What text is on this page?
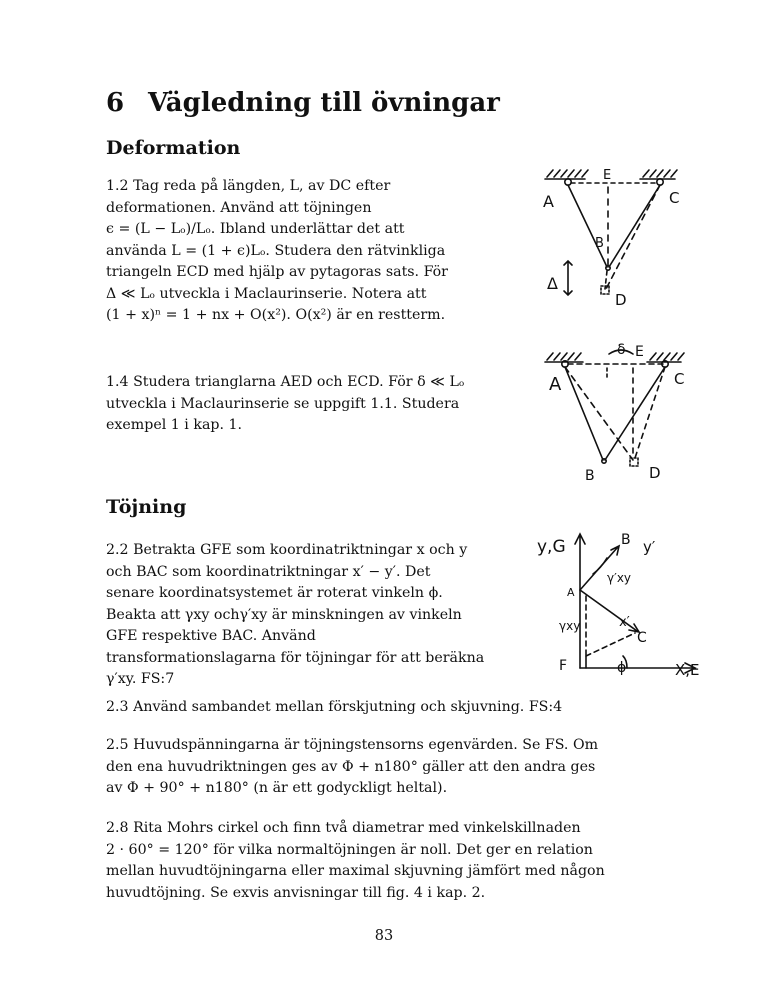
6 Vägledning till övningar
Deformation
1.2 Tag reda på längden, L, av DC efter
deformationen. Använd att töjningen
ϵ = (L − Lₒ)/Lₒ. Ibland underlättar det att
använda L = (1 + ϵ)Lₒ. Studera den rätvinkliga
triangeln ECD med hjälp av pytagoras sats. För
Δ ≪ Lₒ utveckla i Maclaurinserie. Notera att
(1 + x)ⁿ = 1 + nx + O(x²). O(x²) är en restterm.
1.4 Studera trianglarna AED och ECD. För δ ≪ Lₒ
utveckla i Maclaurinserie se uppgift 1.1. Studera
exempel 1 i kap. 1.
Töjning
2.2 Betrakta GFE som koordinatriktningar x och y
och BAC som koordinatriktningar x′ − y′. Det
senare koordinatsystemet är roterat vinkeln ϕ.
Beakta att γxy ochγ′xy är minskningen av vinkeln
GFE respektive BAC. Använd
transformationslagarna för töjningar för att beräkna
γ′xy. FS:7
2.3 Använd sambandet mellan förskjutning och skjuvning. FS:4
2.5 Huvudspänningarna är töjningstensorns egenvärden. Se FS. Om
den ena huvudriktningen ges av Φ + n180° gäller att den andra ges
av Φ + 90° + n180° (n är ett godyckligt heltal).
2.8 Rita Mohrs cirkel och finn två diametrar med vinkelskillnaden
2 · 60° = 120° för vilka normaltöjningen är noll. Det ger en relation
mellan huvudtöjningarna eller maximal skjuvning jämfört med någon
huvudtöjning. Se exvis anvisningar till fig. 4 i kap. 2.
A
E
C
B
D
Δ
A
δ E
C
B	D
y,G	B y′
A
γ′xy
γxy	x′
C
F	ϕ	X,E
83
